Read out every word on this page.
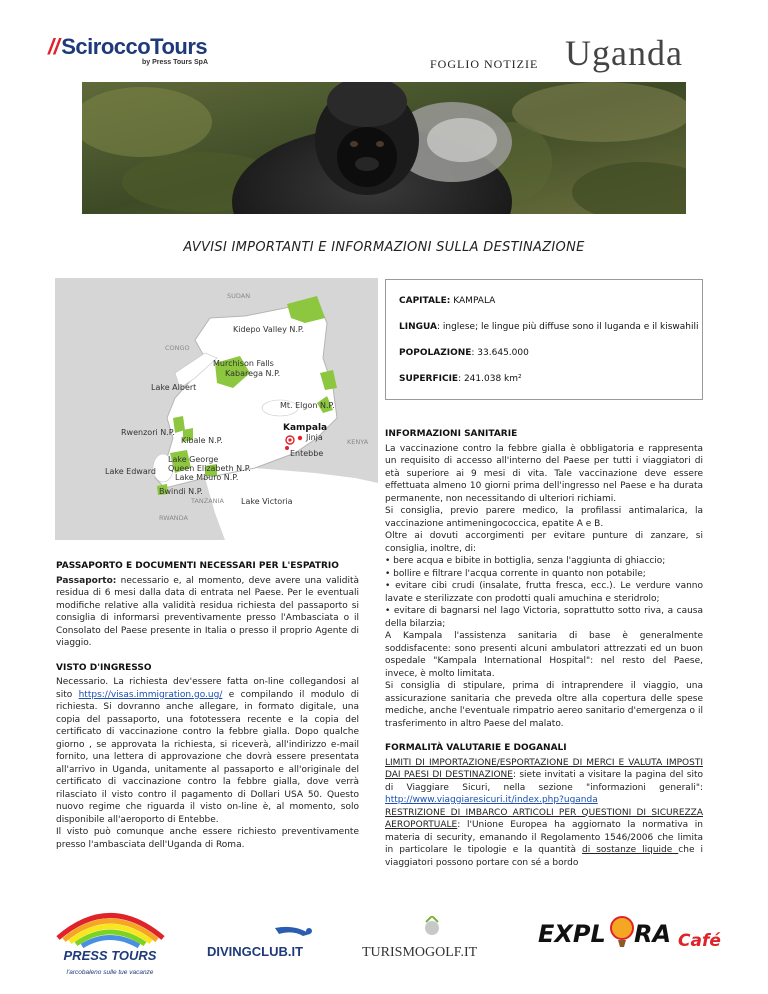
//SciroccoTours
by Press Tours SpA	FOGLIO NOTIZIE Uganda
AVVISI IMPORTANTI E INFORMAZIONI SULLA DESTINAZIONE
SUDAN
CONGO
KENYA
TANZANIA
RWANDA
Kidepo Valley N.P.
Murchison Falls
Kabarega N.P.
Lake Albert
Mt. Elgon N.P.
Rwenzori N.P.
Kibale N.P.
Kampala
Jinja
Entebbe
Lake George
Queen Elizabeth N.P.
Lake Edward
Lake Mburo N.P.
Bwindi N.P.
Lake Victoria
CAPITALE: KAMPALA
LINGUA: inglese; le lingue più diffuse sono il luganda e il kiswahili
POPOLAZIONE: 33.645.000
SUPERFICIE: 241.038 km²
PASSAPORTO E DOCUMENTI NECESSARI PER L'ESPATRIO

Passaporto: necessario e, al momento, deve avere una validità residua di 6 mesi dalla data di entrata nel Paese. Per le eventuali modifiche relative alla validità residua richiesta del passaporto si consiglia di informarsi preventivamente presso l'Ambasciata o il Consolato del Paese presente in Italia o presso il proprio Agente di viaggio.

VISTO D'INGRESSO

Necessario. La richiesta dev'essere fatta on-line collegandosi al sito https://visas.immigration.go.ug/ e compilando il modulo di richiesta. Si dovranno anche allegare, in formato digitale, una copia del passaporto, una fototessera recente e la copia del certificato di vaccinazione contro la febbre gialla. Dopo qualche giorno , se approvata la richiesta, si riceverà, all'indirizzo e-mail fornito, una lettera di approvazione che dovrà essere presentata all'arrivo in Uganda, unitamente al passaporto e all'originale del certificato di vaccinazione contro la febbre gialla, dove verrà rilasciato il visto contro il pagamento di Dollari USA 50. Questo nuovo regime che riguarda il visto on-line è, al momento, solo disponibile all'aeroporto di Entebbe.

Il visto può comunque anche essere richiesto preventivamente presso l'ambasciata dell'Uganda di Roma.

INFORMAZIONI SANITARIE

La vaccinazione contro la febbre gialla è obbligatoria e rappresenta un requisito di accesso all'interno del Paese per tutti i viaggiatori di età superiore ai 9 mesi di vita. Tale vaccinazione deve essere effettuata almeno 10 giorni prima dell'ingresso nel Paese e ha durata permanente, non necessitando di ulteriori richiami.

Si consiglia, previo parere medico, la profilassi antimalarica, la vaccinazione antimeningococcica, epatite A e B.

Oltre ai dovuti accorgimenti per evitare punture di zanzare, si consiglia, inoltre, di:

• bere acqua e bibite in bottiglia, senza l'aggiunta di ghiaccio;

• bollire e filtrare l'acqua corrente in quanto non potabile;

• evitare cibi crudi (insalate, frutta fresca, ecc.). Le verdure vanno lavate e sterilizzate con prodotti quali amuchina e steridrolo;

• evitare di bagnarsi nel lago Victoria, soprattutto sotto riva, a causa della bilarzia;

A Kampala l'assistenza sanitaria di base è generalmente soddisfacente: sono presenti alcuni ambulatori attrezzati ed un buon ospedale "Kampala International Hospital": nel resto del Paese, invece, è molto limitata.

Si consiglia di stipulare, prima di intraprendere il viaggio, una assicurazione sanitaria che preveda oltre alla copertura delle spese mediche, anche l'eventuale rimpatrio aereo sanitario d'emergenza o il trasferimento in altro Paese del malato.

FORMALITÀ VALUTARIE E DOGANALI

LIMITI DI IMPORTAZIONE/ESPORTAZIONE DI MERCI E VALUTA IMPOSTI DAI PAESI DI DESTINAZIONE: siete invitati a visitare la pagina del sito di Viaggiare Sicuri, nella sezione "informazioni generali": http://www.viaggiaresicuri.it/index.php?uganda

RESTRIZIONE DI IMBARCO ARTICOLI PER QUESTIONI DI SICUREZZA AEROPORTUALE: l'Unione Europea ha aggiornato la normativa in materia di security, emanando il Regolamento 1546/2006 che limita in particolare le tipologie e la quantità di sostanze liquide che i viaggiatori possono portare con sé a bordo

PRESS TOURS
l'arcobaleno sulle tue vacanze
DIVINGCLUB.IT	TURISMOGOLF.IT
EXPL RA Café
